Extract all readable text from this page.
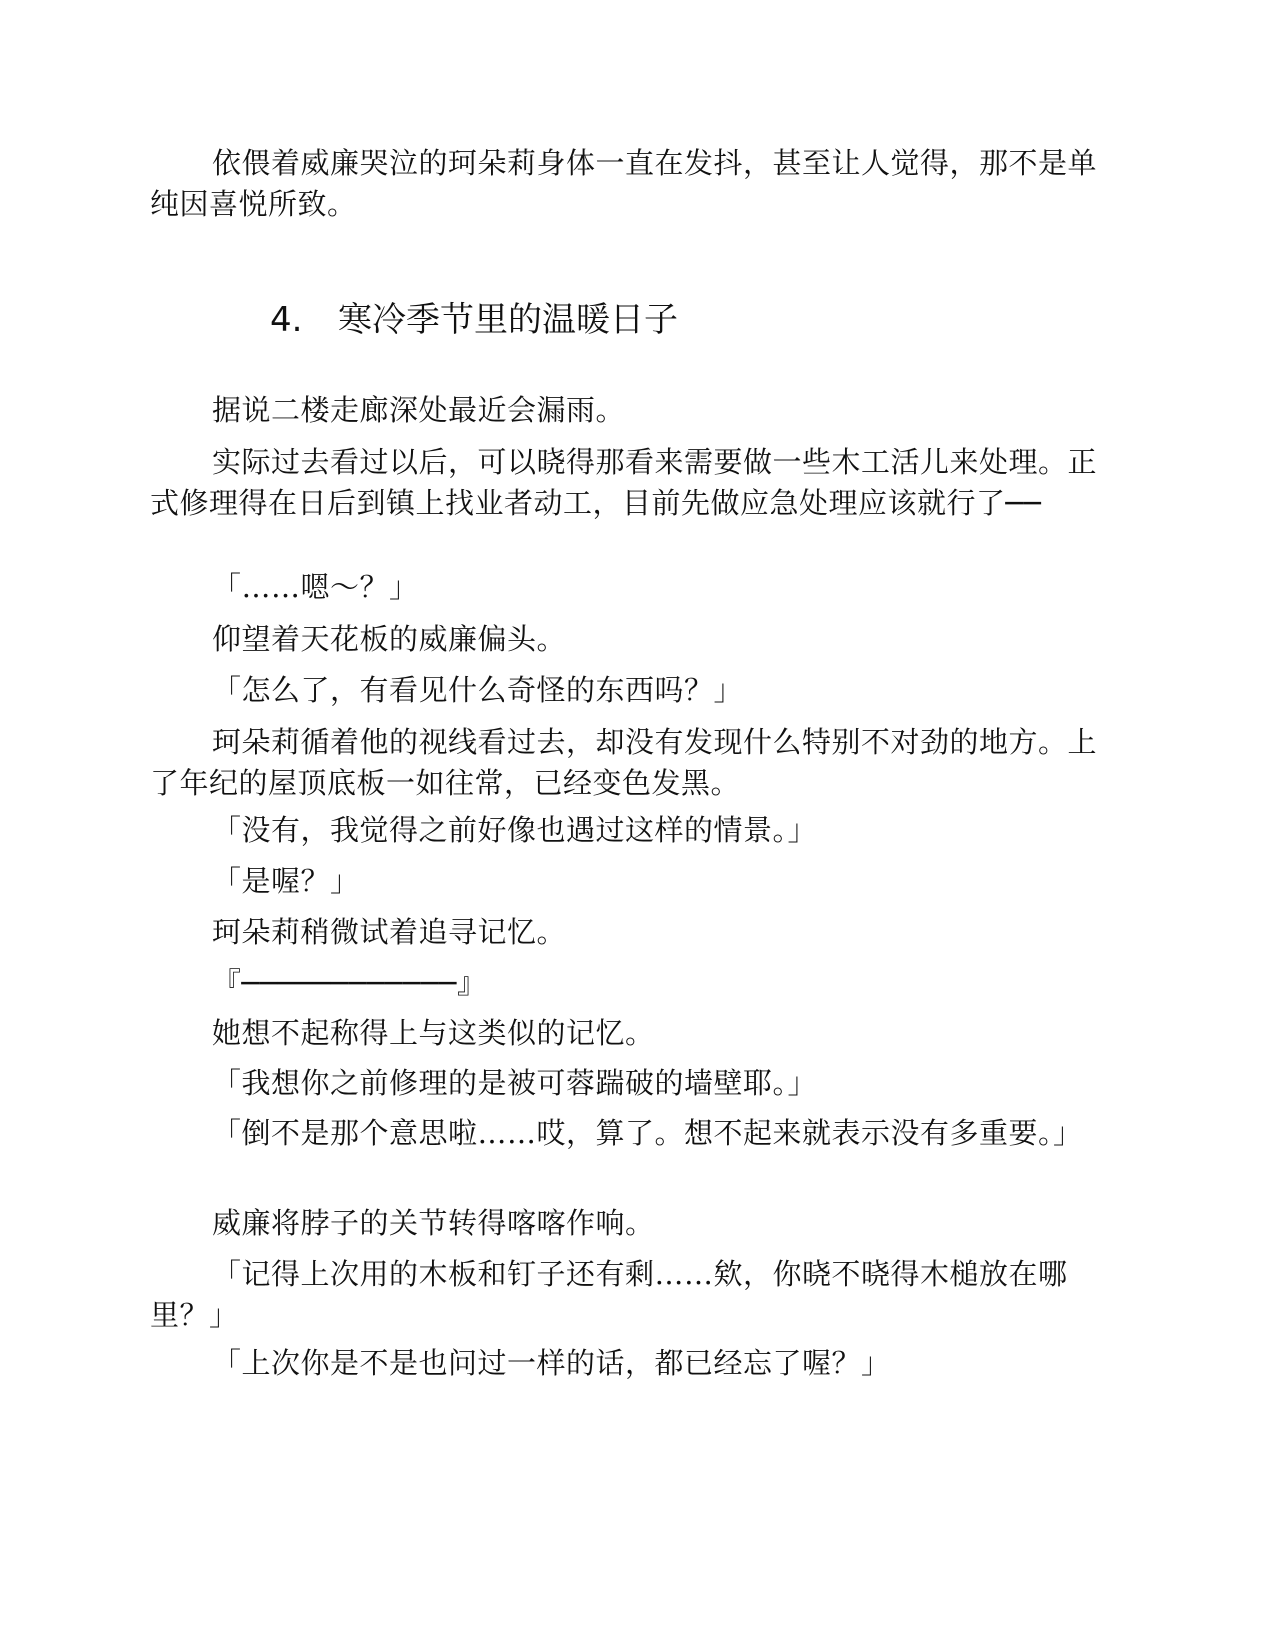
依偎着威廉哭泣的珂朵莉身体一直在发抖，甚至让人觉得，那不是单纯因喜悦所致。

4. 寒冷季节里的温暖日子

据说二楼走廊深处最近会漏雨。

实际过去看过以后，可以晓得那看来需要做一些木工活儿来处理。正式修理得在日后到镇上找业者动工，目前先做应急处理应该就行了──

「……嗯～？」

仰望着天花板的威廉偏头。

「怎么了，有看见什么奇怪的东西吗？」

珂朵莉循着他的视线看过去，却没有发现什么特别不对劲的地方。上了年纪的屋顶底板一如往常，已经变色发黑。

「没有，我觉得之前好像也遇过这样的情景。」

「是喔？」

珂朵莉稍微试着追寻记忆。

『────────────』

她想不起称得上与这类似的记忆。

「我想你之前修理的是被可蓉踹破的墙壁耶。」

「倒不是那个意思啦……哎，算了。想不起来就表示没有多重要。」

威廉将脖子的关节转得喀喀作响。

「记得上次用的木板和钉子还有剩……欸，你晓不晓得木槌放在哪里？」

「上次你是不是也问过一样的话，都已经忘了喔？」
